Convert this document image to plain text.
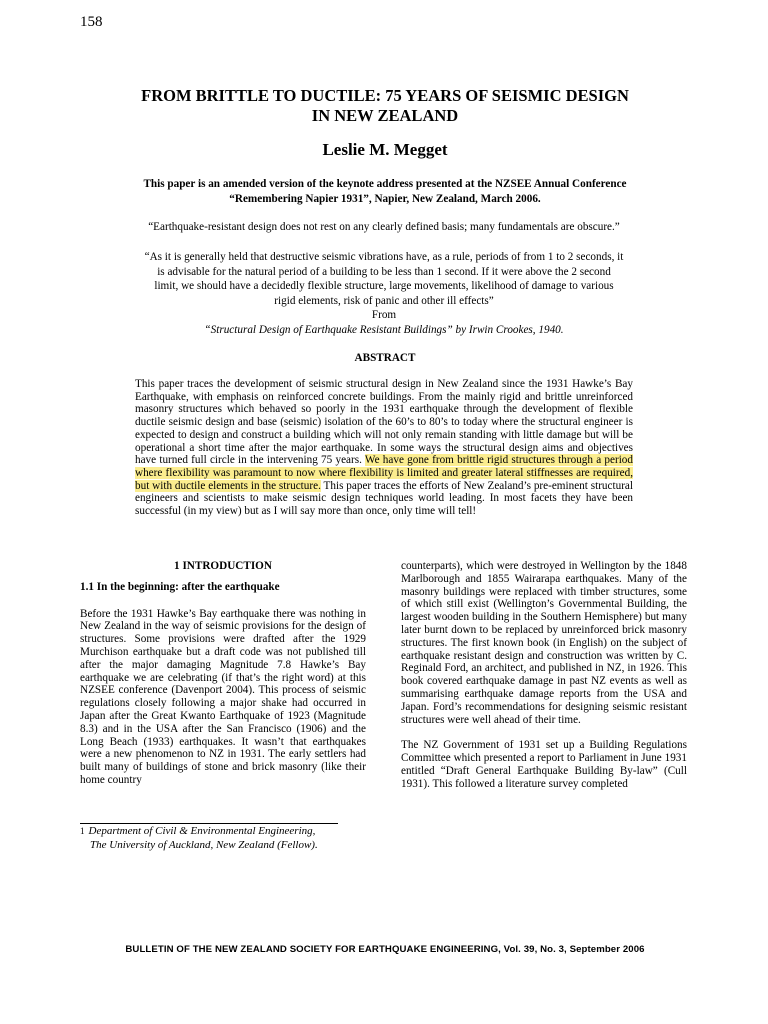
158
FROM BRITTLE TO DUCTILE: 75 YEARS OF SEISMIC DESIGN
IN NEW ZEALAND
Leslie M. Megget
This paper is an amended version of the keynote address presented at the NZSEE Annual Conference
“Remembering Napier 1931”, Napier, New Zealand, March 2006.
“Earthquake-resistant design does not rest on any clearly defined basis; many fundamentals are obscure.”
“As it is generally held that destructive seismic vibrations have, as a rule, periods of from 1 to 2 seconds, it
is advisable for the natural period of a building to be less than 1 second. If it were above the 2 second
limit, we should have a decidedly flexible structure, large movements, likelihood of damage to various
rigid elements, risk of panic and other ill effects”
From
“Structural Design of Earthquake Resistant Buildings” by Irwin Crookes, 1940.
ABSTRACT
This paper traces the development of seismic structural design in New Zealand since the 1931 Hawke’s Bay Earthquake, with emphasis on reinforced concrete buildings. From the mainly rigid and brittle unreinforced masonry structures which behaved so poorly in the 1931 earthquake through the development of flexible ductile seismic design and base (seismic) isolation of the 60’s to 80’s to today where the structural engineer is expected to design and construct a building which will not only remain standing with little damage but will be operational a short time after the major earthquake. In some ways the structural design aims and objectives have turned full circle in the intervening 75 years. We have gone from brittle rigid structures through a period where flexibility was paramount to now where flexibility is limited and greater lateral stiffnesses are required, but with ductile elements in the structure. This paper traces the efforts of New Zealand’s pre-eminent structural engineers and scientists to make seismic design techniques world leading. In most facets they have been successful (in my view) but as I will say more than once, only time will tell!

1 INTRODUCTION

1.1 In the beginning: after the earthquake

Before the 1931 Hawke’s Bay earthquake there was nothing in New Zealand in the way of seismic provisions for the design of structures. Some provisions were drafted after the 1929 Murchison earthquake but a draft code was not published till after the major damaging Magnitude 7.8 Hawke’s Bay earthquake we are celebrating (if that’s the right word) at this NZSEE conference (Davenport 2004). This process of seismic regulations closely following a major shake had occurred in Japan after the Great Kwanto Earthquake of 1923 (Magnitude 8.3) and in the USA after the San Francisco (1906) and the Long Beach (1933) earthquakes. It wasn’t that earthquakes were a new phenomenon to NZ in 1931. The early settlers had built many of buildings of stone and brick masonry (like their home country

counterparts), which were destroyed in Wellington by the 1848 Marlborough and 1855 Wairarapa earthquakes. Many of the masonry buildings were replaced with timber structures, some of which still exist (Wellington’s Governmental Building, the largest wooden building in the Southern Hemisphere) but many later burnt down to be replaced by unreinforced brick masonry structures. The first known book (in English) on the subject of earthquake resistant design and construction was written by C. Reginald Ford, an architect, and published in NZ, in 1926. This book covered earthquake damage in past NZ events as well as summarising earthquake damage reports from the USA and Japan. Ford’s recommendations for designing seismic resistant structures were well ahead of their time.

The NZ Government of 1931 set up a Building Regulations Committee which presented a report to Parliament in June 1931 entitled “Draft General Earthquake Building By-law” (Cull 1931). This followed a literature survey completed

$^1$ Department of Civil & Environmental Engineering,
The University of Auckland, New Zealand (Fellow).
BULLETIN OF THE NEW ZEALAND SOCIETY FOR EARTHQUAKE ENGINEERING, Vol. 39, No. 3, September 2006
